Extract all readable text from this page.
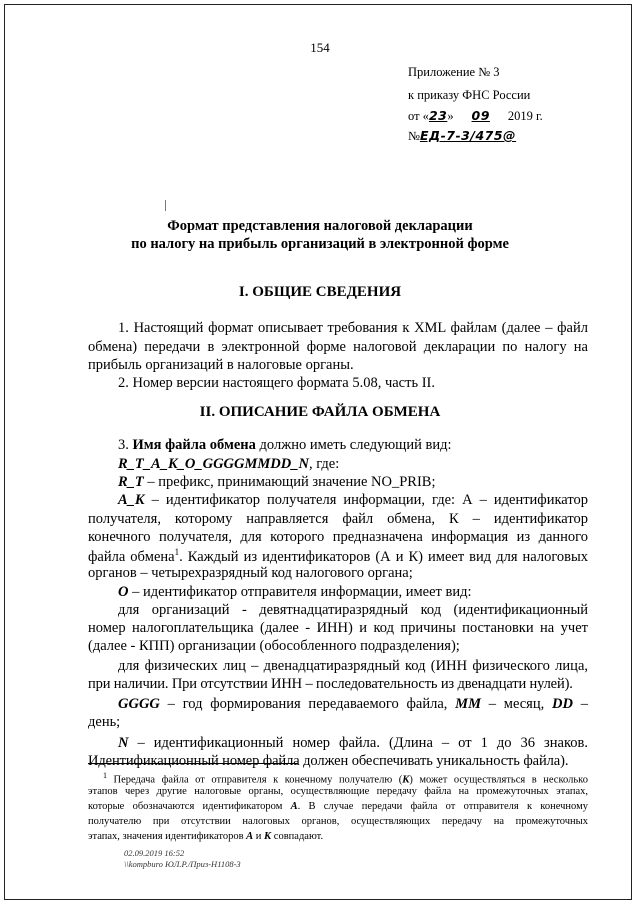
154
Приложение № 3
к приказу ФНС России
от «23» 09 2019 г.
№ЕД-7-3/475@
Формат представления налоговой декларации
по налогу на прибыль организаций в электронной форме
I. ОБЩИЕ СВЕДЕНИЯ
1. Настоящий формат описывает требования к XML файлам (далее – файл
обмена) передачи в электронной форме налоговой декларации по налогу на
прибыль организаций в налоговые органы.
2. Номер версии настоящего формата 5.08, часть II.
II. ОПИСАНИЕ ФАЙЛА ОБМЕНА
3. Имя файла обмена должно иметь следующий вид:
R_T_A_K_O_GGGGMMDD_N, где:
R_T – префикс, принимающий значение NO_PRIB;
A_K – идентификатор получателя информации, где: А – идентификатор
получателя, которому направляется файл обмена, К – идентификатор
конечного получателя, для которого предназначена информация из данного
файла обмена$^1$. Каждый из идентификаторов (А и К) имеет вид для налоговых
органов – четырехразрядный код налогового органа;
O – идентификатор отправителя информации, имеет вид:
для организаций - девятнадцатиразрядный код (идентификационный
номер налогоплательщика (далее - ИНН) и код причины постановки на учет
(далее - КПП) организации (обособленного подразделения);
для физических лиц – двенадцатиразрядный код (ИНН физического лица,
при наличии. При отсутствии ИНН – последовательность из двенадцати нулей).
GGGG – год формирования передаваемого файла, MM – месяц, DD –
день;
N – идентификационный номер файла. (Длина – от 1 до 36 знаков.
Идентификационный номер файла должен обеспечивать уникальность файла).
$^1$ Передача файла от отправителя к конечному получателю (К) может осуществляться в несколько
этапов через другие налоговые органы, осуществляющие передачу файла на промежуточных этапах,
которые обозначаются идентификатором А. В случае передачи файла от отправителя к конечному
получателю при отсутствии налоговых органов, осуществляющих передачу на промежуточных
этапах, значения идентификаторов А и К совпадают.
02.09.2019 16:52
\\kompburo ЮЛ.Р./Приз-Н1108-3
